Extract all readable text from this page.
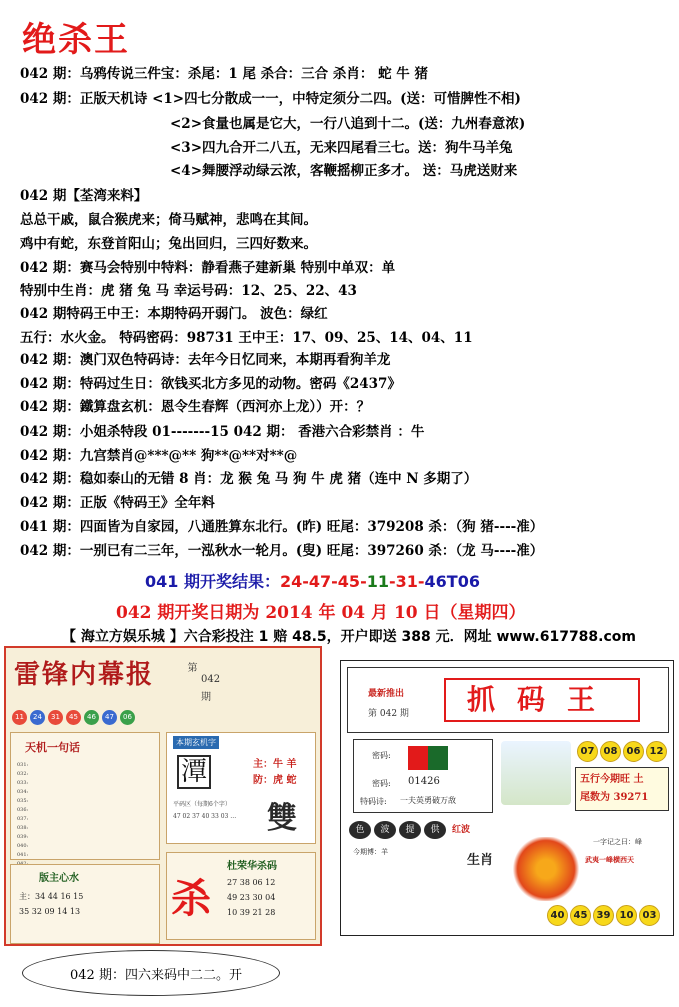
绝杀王
042 期：乌鸦传说三件宝：杀尾：1 尾 杀合：三合 杀肖： 蛇 牛 猪
042 期：正版天机诗 <1>四七分散成一一，中特定须分二四。(送：可惜脾性不相)
<2>食量也属是它大，一行八追到十二。(送：九州春意浓)
<3>四九合开二八五，无来四尾看三七。送：狗牛马羊兔
<4>舞腰浮动绿云浓，客鞭摇柳正多才。 送：马虎送财来
042 期【荃湾来料】
总总干戚，鼠合猴虎来；倚马赋神，悲鸣在其间。
鸡中有蛇，东登首阳山；兔出回归，三四好数来。
042 期：赛马会特别中特料：静看燕子建新巢 特别中单双：单
特别中生肖：虎 猪 兔 马 幸运号码：12、25、22、43
042 期特码王中王：本期特码开弱门。 波色：绿红
五行：水火金。 特码密码：98731 王中王：17、09、25、14、04、11
042 期：澳门双色特码诗：去年今日忆同来，本期再看狗羊龙
042 期：特码过生日：欲钱买北方多见的动物。密码《2437》
042 期：鐵算盘玄机：恩令生春辉（西河亦上龙））开：？
042 期：小姐杀特段 01-------15 042 期： 香港六合彩禁肖 ：牛
042 期：九宫禁肖@***@** 狗**@**对**@
042 期：稳如泰山的无错 8 肖：龙 猴 兔 马 狗 牛 虎 猪（连中 N 多期了）
042 期：正版《特码王》全年料
041 期：四面皆为自家园，八通胜算东北行。(昨) 旺尾：379208 杀：（狗 猪----准）
042 期：一别已有二三年，一泓秋水一轮月。(叟) 旺尾：397260 杀：（龙 马----准）
041 期开奖结果：24-47-45-11-31-46T06
042 期开奖日期为 2014 年 04 月 10 日（星期四）
【 海立方娱乐城 】六合彩投注 1 赔 48.5，开户即送 388 元．网址 www.617788.com
雷锋内幕报	第
042
期
11	24	31	45	46	47	06
天机一句话
031:
032:
033:
034:
035:
036:
037:
038:
039:
040:
041:
版主心水
主：34 44 16 15
35 32 09 14 13
本期玄机字
潭	主：牛 羊
防：虎 蛇
平码区（每期6个字）
47 02 37 40 33 03 … 雙
杜荣华杀码
杀 27 38 06 12
49 23 30 04
10 39 21 28
最新推出
第 042 期	抓码王
密码:
密码: 01426
特码诗: 一夫英勇破万敌
07 08 06 12
五行今期旺 土
尾数为 39271
色	波	提	供	红波
今期博：羊
生肖
一字记之曰：峰
武夷一峰横西天
40 45 39 10 03
042 期：四六来码中二二。开
